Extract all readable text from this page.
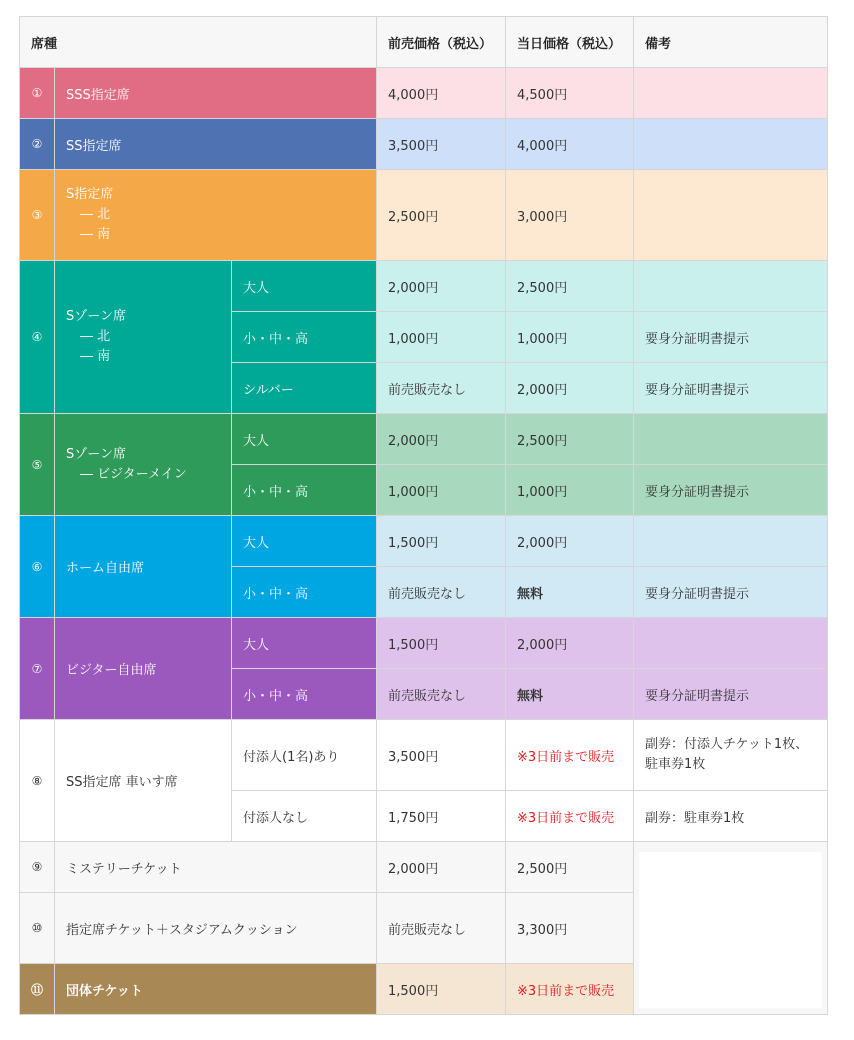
席種			前売価格（税込）	当日価格（税込）	備考
①	SSS指定席		4,000円	4,500円	
②	SS指定席		3,500円	4,000円	
③	S指定席
― 北
― 南		2,500円	3,000円	
④	Sゾーン席
― 北
― 南	大人	2,000円	2,500円	
		小・中・高	1,000円	1,000円	要身分証明書提示
		シルバー	前売販売なし	2,000円	要身分証明書提示
⑤	Sゾーン席
― ビジターメイン	大人	2,000円	2,500円	
		小・中・高	1,000円	1,000円	要身分証明書提示
⑥	ホーム自由席	大人	1,500円	2,000円	
		小・中・高	前売販売なし	無料	要身分証明書提示
⑦	ビジター自由席	大人	1,500円	2,000円	
		小・中・高	前売販売なし	無料	要身分証明書提示
⑧	SS指定席 車いす席	付添人(1名)あり	3,500円	※3日前まで販売	副券：付添人チケット1枚、
駐車券1枚

		付添人なし	1,750円	※3日前まで販売	副券：駐車券1枚
⑨	ミステリーチケット		2,000円	2,500円	
⑩	指定席チケット＋スタジアムクッション		前売販売なし	3,300円	
⑪	団体チケット		1,500円	※3日前まで販売	
